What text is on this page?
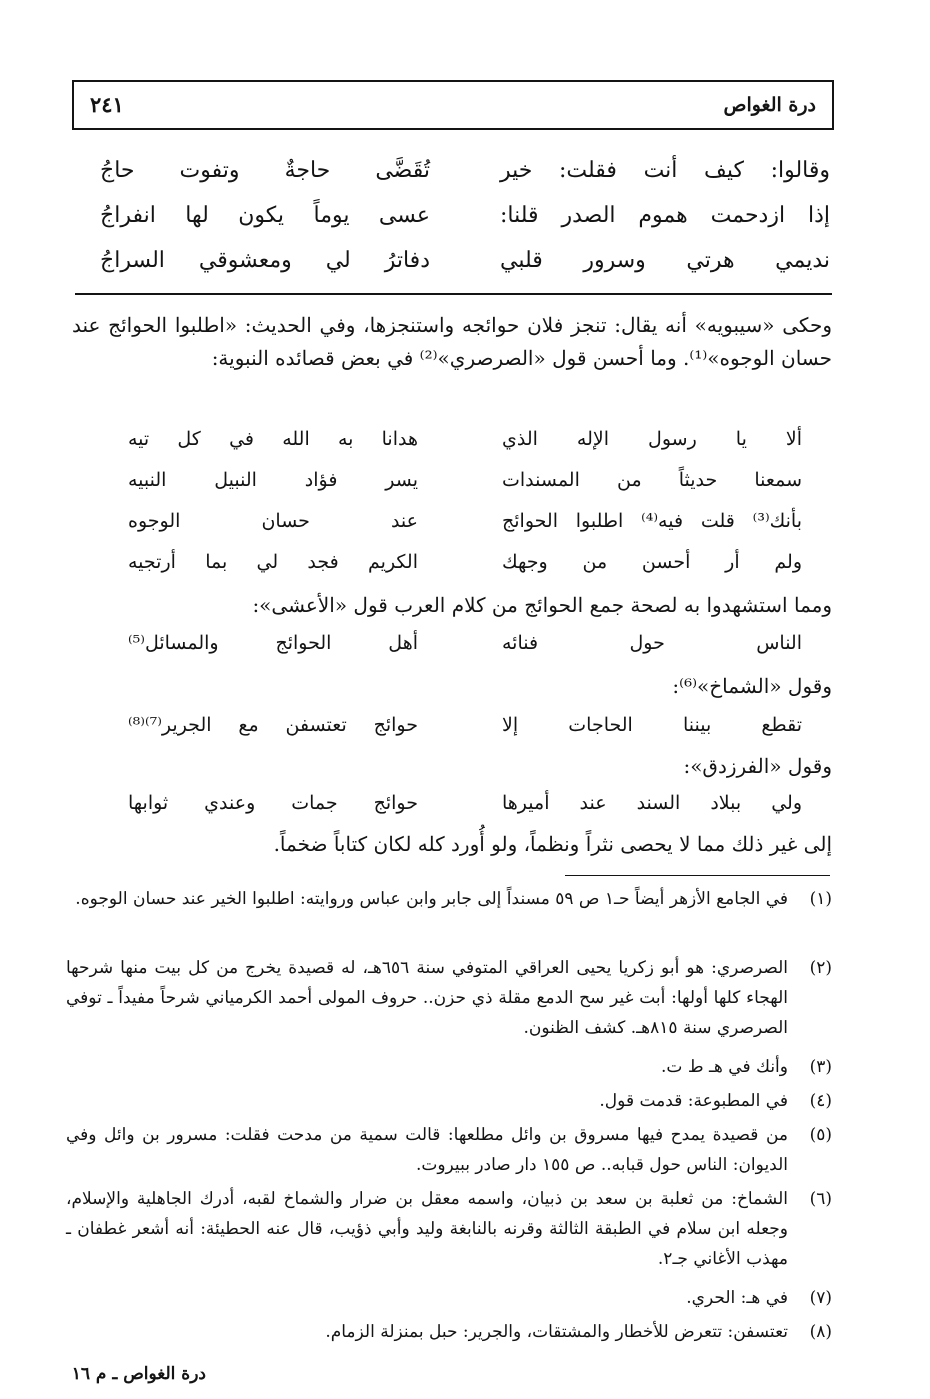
درة الغواص
٢٤١
وقالوا: كيف أنت فقلت: خير
تُقَضَّى حاجةٌ وتفوت حاجُ
إذا ازدحمت هموم الصدر قلنا:
عسى يوماً يكون لها انفراجُ
نديمي هرتي وسرور قلبي
دفاترُ لي ومعشوقي السراجُ
وحكى «سيبويه» أنه يقال: تنجز فلان حوائجه واستنجزها، وفي الحديث: «اطلبوا الحوائج عند حسان الوجوه»⁽¹⁾. وما أحسن قول «الصرصري»⁽²⁾ في بعض قصائده النبوية:
ألا يا رسول الإله الذي
هدانا به الله في كل تيه
سمعنا حديثاً من المسندات
يسر فؤاد النبيل النبيه
بأنك⁽³⁾ قلت فيه⁽⁴⁾ اطلبوا الحوائج
عند حسان الوجوه
ولم أر أحسن من وجهك
الكريم فجد لي بما أرتجيه
ومما استشهدوا به لصحة جمع الحوائج من كلام العرب قول «الأعشى»:
الناس حول فنائه
أهل الحوائج والمسائل⁽⁵⁾
وقول «الشماخ»⁽⁶⁾:
تقطع بيننا الحاجات إلا
حوائج تعتسفن مع الجرير⁽⁷⁾⁽⁸⁾
وقول «الفرزدق»:
ولي ببلاد السند عند أميرها
حوائج جمات وعندي ثوابها
إلى غير ذلك مما لا يحصى نثراً ونظماً، ولو أُورد كله لكان كتاباً ضخماً.
(١)
في الجامع الأزهر أيضاً حـ١ ص ٥٩ مسنداً إلى جابر وابن عباس وروايته: اطلبوا الخير عند حسان الوجوه.
(٢)
الصرصري: هو أبو زكريا يحيى العراقي المتوفي سنة ٦٥٦هـ، له قصيدة يخرج من كل بيت منها شرحها الهجاء كلها أولها: أبت غير سح الدمع مقلة ذي حزن.. حروف المولى أحمد الكرمياني شرحاً مفيداً ـ توفي الصرصري سنة ٨١٥هـ. كشف الظنون.
(٣)
وأنك في هـ ط ت.
(٤)
في المطبوعة: قدمت قول.
(٥)
من قصيدة يمدح فيها مسروق بن وائل مطلعها: قالت سمية من مدحت فقلت: مسرور بن وائل وفي الديوان: الناس حول قبابه.. ص ١٥٥ دار صادر ببيروت.
(٦)
الشماخ: من ثعلبة بن سعد بن ذبيان، واسمه معقل بن ضرار والشماخ لقبه، أدرك الجاهلية والإسلام، وجعله ابن سلام في الطبقة الثالثة وقرنه بالنابغة وليد وأبي ذؤيب، قال عنه الحطيئة: أنه أشعر غطفان ـ مهذب الأغاني جـ٢.
(٧)
في هـ: الحري.
(٨)
تعتسفن: تتعرض للأخطار والمشتقات، والجرير: حبل بمنزلة الزمام.
درة الغواص ـ م ١٦
